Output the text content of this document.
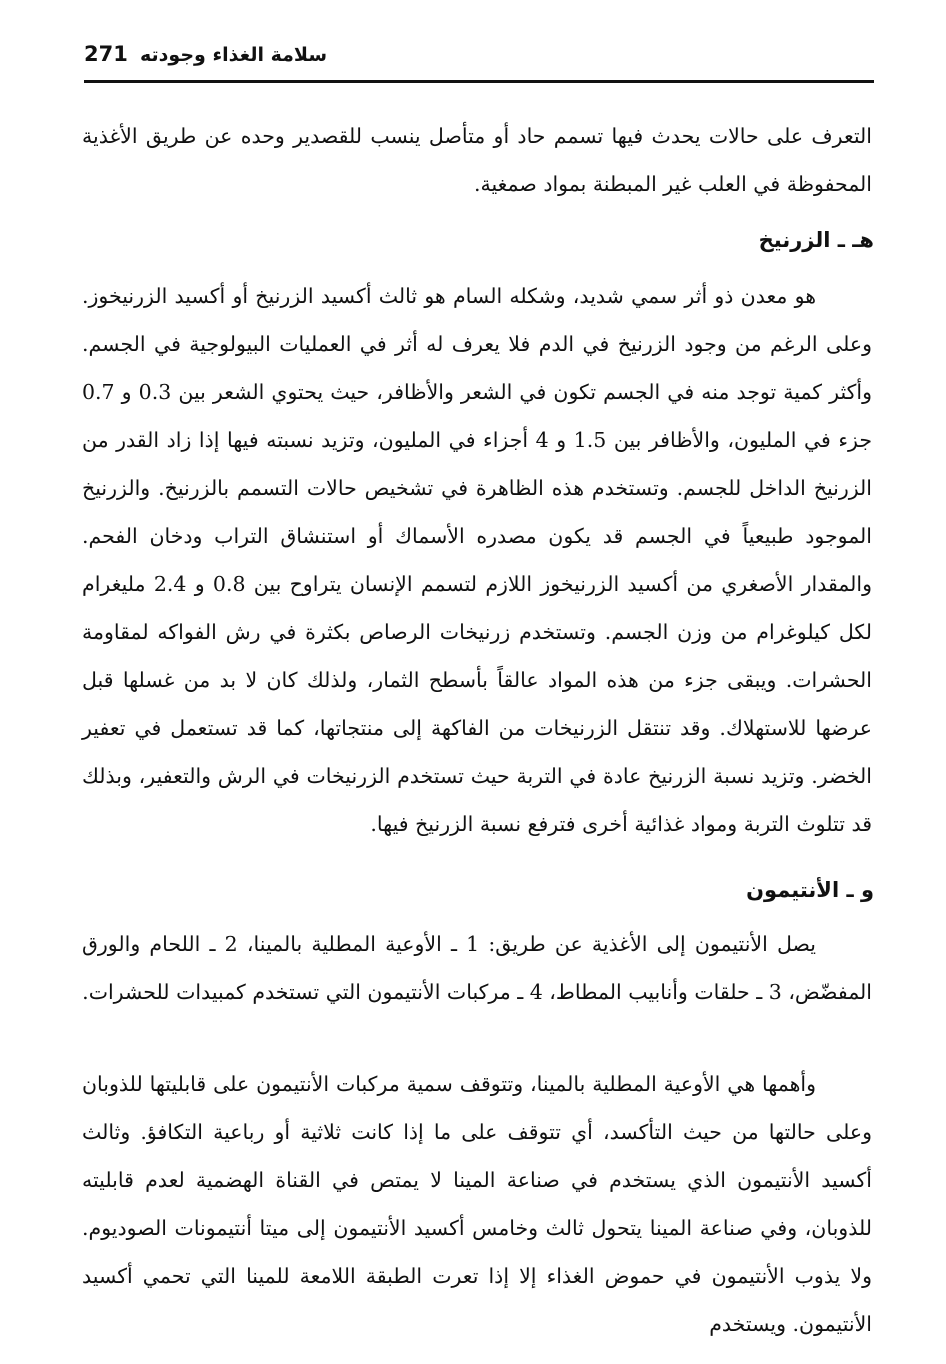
271 سلامة الغذاء وجودته

التعرف على حالات يحدث فيها تسمم حاد أو متأصل ينسب للقصدير وحده عن طريق الأغذية المحفوظة في العلب غير المبطنة بمواد صمغية.

هـ ـ الزرنيخ

هو معدن ذو أثر سمي شديد، وشكله السام هو ثالث أكسيد الزرنيخ أو أكسيد الزرنيخوز. وعلى الرغم من وجود الزرنيخ في الدم فلا يعرف له أثر في العمليات البيولوجية في الجسم. وأكثر كمية توجد منه في الجسم تكون في الشعر والأظافر، حيث يحتوي الشعر بين 0.3 و 0.7 جزء في المليون، والأظافر بين 1.5 و 4 أجزاء في المليون، وتزيد نسبته فيها إذا زاد القدر من الزرنيخ الداخل للجسم. وتستخدم هذه الظاهرة في تشخيص حالات التسمم بالزرنيخ. والزرنيخ الموجود طبيعياً في الجسم قد يكون مصدره الأسماك أو استنشاق التراب ودخان الفحم. والمقدار الأصغري من أكسيد الزرنيخوز اللازم لتسمم الإنسان يتراوح بين 0.8 و 2.4 مليغرام لكل كيلوغرام من وزن الجسم. وتستخدم زرنيخات الرصاص بكثرة في رش الفواكه لمقاومة الحشرات. ويبقى جزء من هذه المواد عالقاً بأسطح الثمار، ولذلك كان لا بد من غسلها قبل عرضها للاستهلاك. وقد تنتقل الزرنيخات من الفاكهة إلى منتجاتها، كما قد تستعمل في تعفير الخضر. وتزيد نسبة الزرنيخ عادة في التربة حيث تستخدم الزرنيخات في الرش والتعفير، وبذلك قد تتلوث التربة ومواد غذائية أخرى فترفع نسبة الزرنيخ فيها.

و ـ الأنتيمون

يصل الأنتيمون إلى الأغذية عن طريق: 1 ـ الأوعية المطلية بالمينا، 2 ـ اللحام والورق المفضّض، 3 ـ حلقات وأنابيب المطاط، 4 ـ مركبات الأنتيمون التي تستخدم كمبيدات للحشرات.

وأهمها هي الأوعية المطلية بالمينا، وتتوقف سمية مركبات الأنتيمون على قابليتها للذوبان وعلى حالتها من حيث التأكسد، أي تتوقف على ما إذا كانت ثلاثية أو رباعية التكافؤ. وثالث أكسيد الأنتيمون الذي يستخدم في صناعة المينا لا يمتص في القناة الهضمية لعدم قابليته للذوبان، وفي صناعة المينا يتحول ثالث وخامس أكسيد الأنتيمون إلى ميتا أنتيمونات الصوديوم. ولا يذوب الأنتيمون في حموض الغذاء إلا إذا تعرت الطبقة اللامعة للمينا التي تحمي أكسيد الأنتيمون. ويستخدم
